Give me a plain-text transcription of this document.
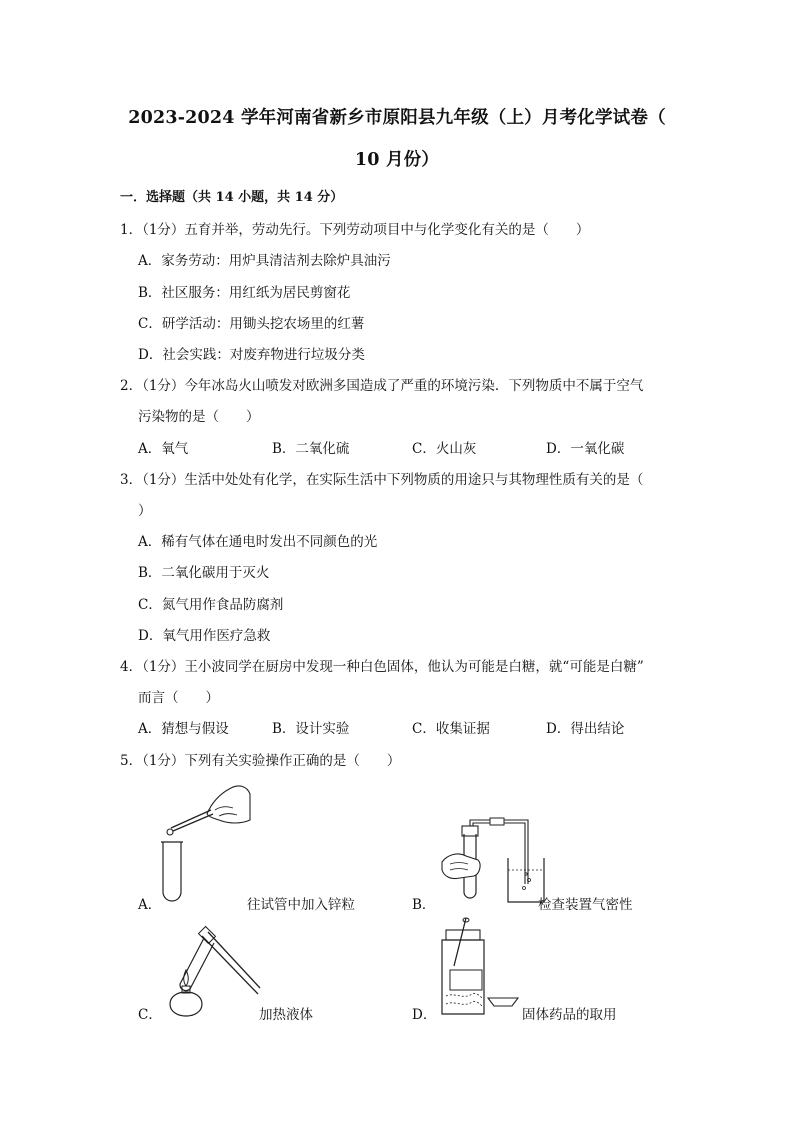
2023-2024 学年河南省新乡市原阳县九年级（上）月考化学试卷（
10 月份）
一．选择题（共 14 小题，共 14 分）
1．（1分）五育并举，劳动先行。下列劳动项目中与化学变化有关的是（　　）
A．家务劳动：用炉具清洁剂去除炉具油污
B．社区服务：用红纸为居民剪窗花
C．研学活动：用锄头挖农场里的红薯
D．社会实践：对废弃物进行垃圾分类
2．（1分）今年冰岛火山喷发对欧洲多国造成了严重的环境污染．下列物质中不属于空气
污染物的是（　　）
A．氧气	B．二氧化硫	C．火山灰	D．一氧化碳
3．（1分）生活中处处有化学，在实际生活中下列物质的用途只与其物理性质有关的是（
）
A．稀有气体在通电时发出不同颜色的光
B．二氧化碳用于灭火
C．氮气用作食品防腐剂
D．氧气用作医疗急救
4．（1分）王小波同学在厨房中发现一种白色固体，他认为可能是白糖，就“可能是白糖”
而言（　　）
A．猜想与假设	B．设计实验	C．收集证据	D．得出结论
5．（1分）下列有关实验操作正确的是（　　）
A．	往试管中加入锌粒	B．	检查装置气密性
C．	加热液体	D．	固体药品的取用
